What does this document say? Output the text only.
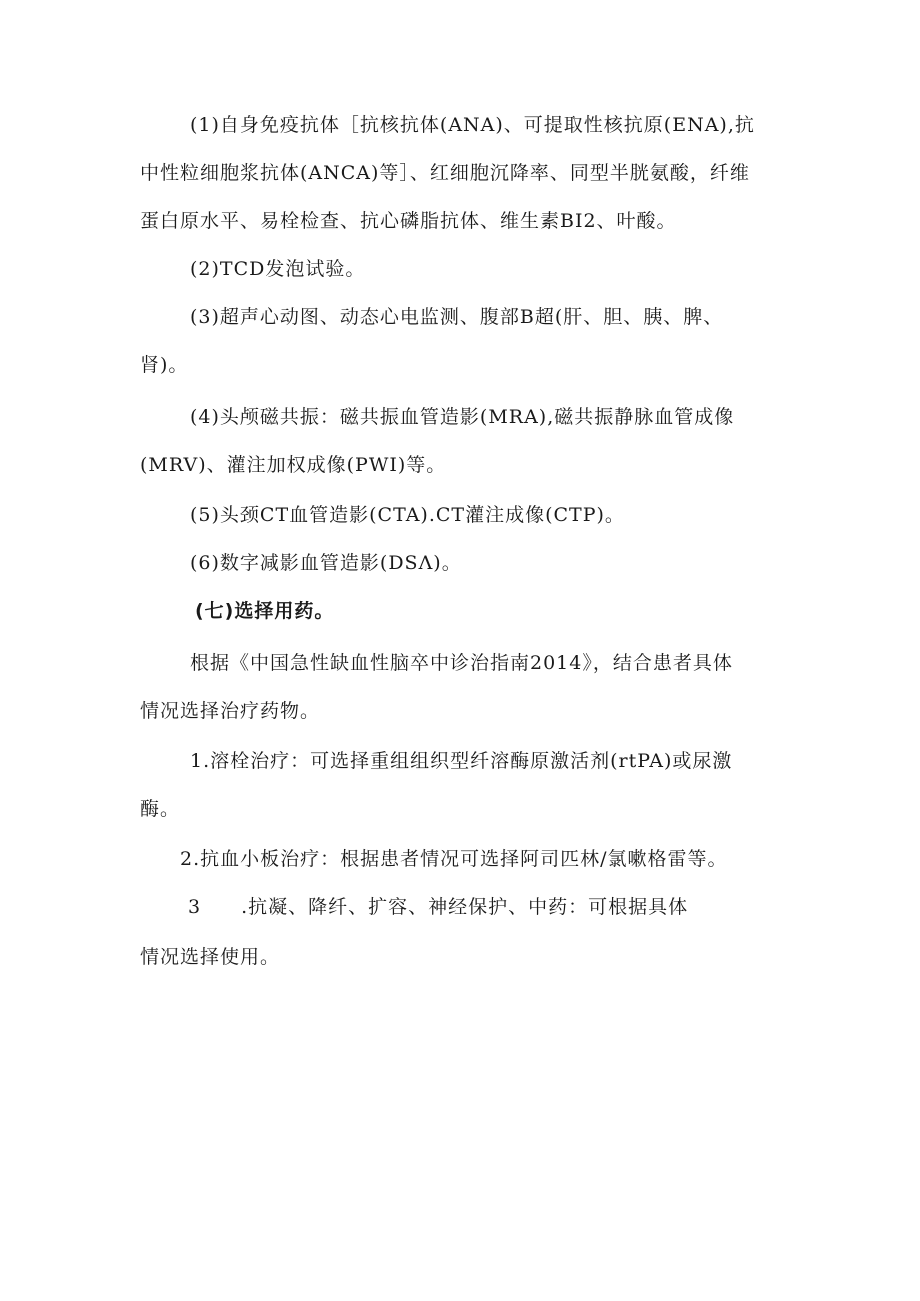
(1)自身免疫抗体［抗核抗体(ANA)、可提取性核抗原(ENA),抗
中性粒细胞浆抗体(ANCA)等］、红细胞沉降率、同型半胱氨酸，纤维
蛋白原水平、易栓检查、抗心磷脂抗体、维生素BI2、叶酸。
(2)TCD发泡试验。
(3)超声心动图、动态心电监测、腹部B超(肝、胆、胰、脾、
肾)。
(4)头颅磁共振：磁共振血管造影(MRA),磁共振静脉血管成像
(MRV)、灌注加权成像(PWI)等。
(5)头颈CT血管造影(CTA).CT灌注成像(CTP)。
(6)数字减影血管造影(DSΛ)。
(七)选择用药。
根据《中国急性缺血性脑卒中诊治指南2014》，结合患者具体
情况选择治疗药物。
1.溶栓治疗：可选择重组组织型纤溶酶原激活剂(rtPA)或尿激
酶。
2.抗血小板治疗：根据患者情况可选择阿司匹林/氯嗽格雷等。
3　　.抗凝、降纤、扩容、神经保护、中药：可根据具体
情况选择使用。
